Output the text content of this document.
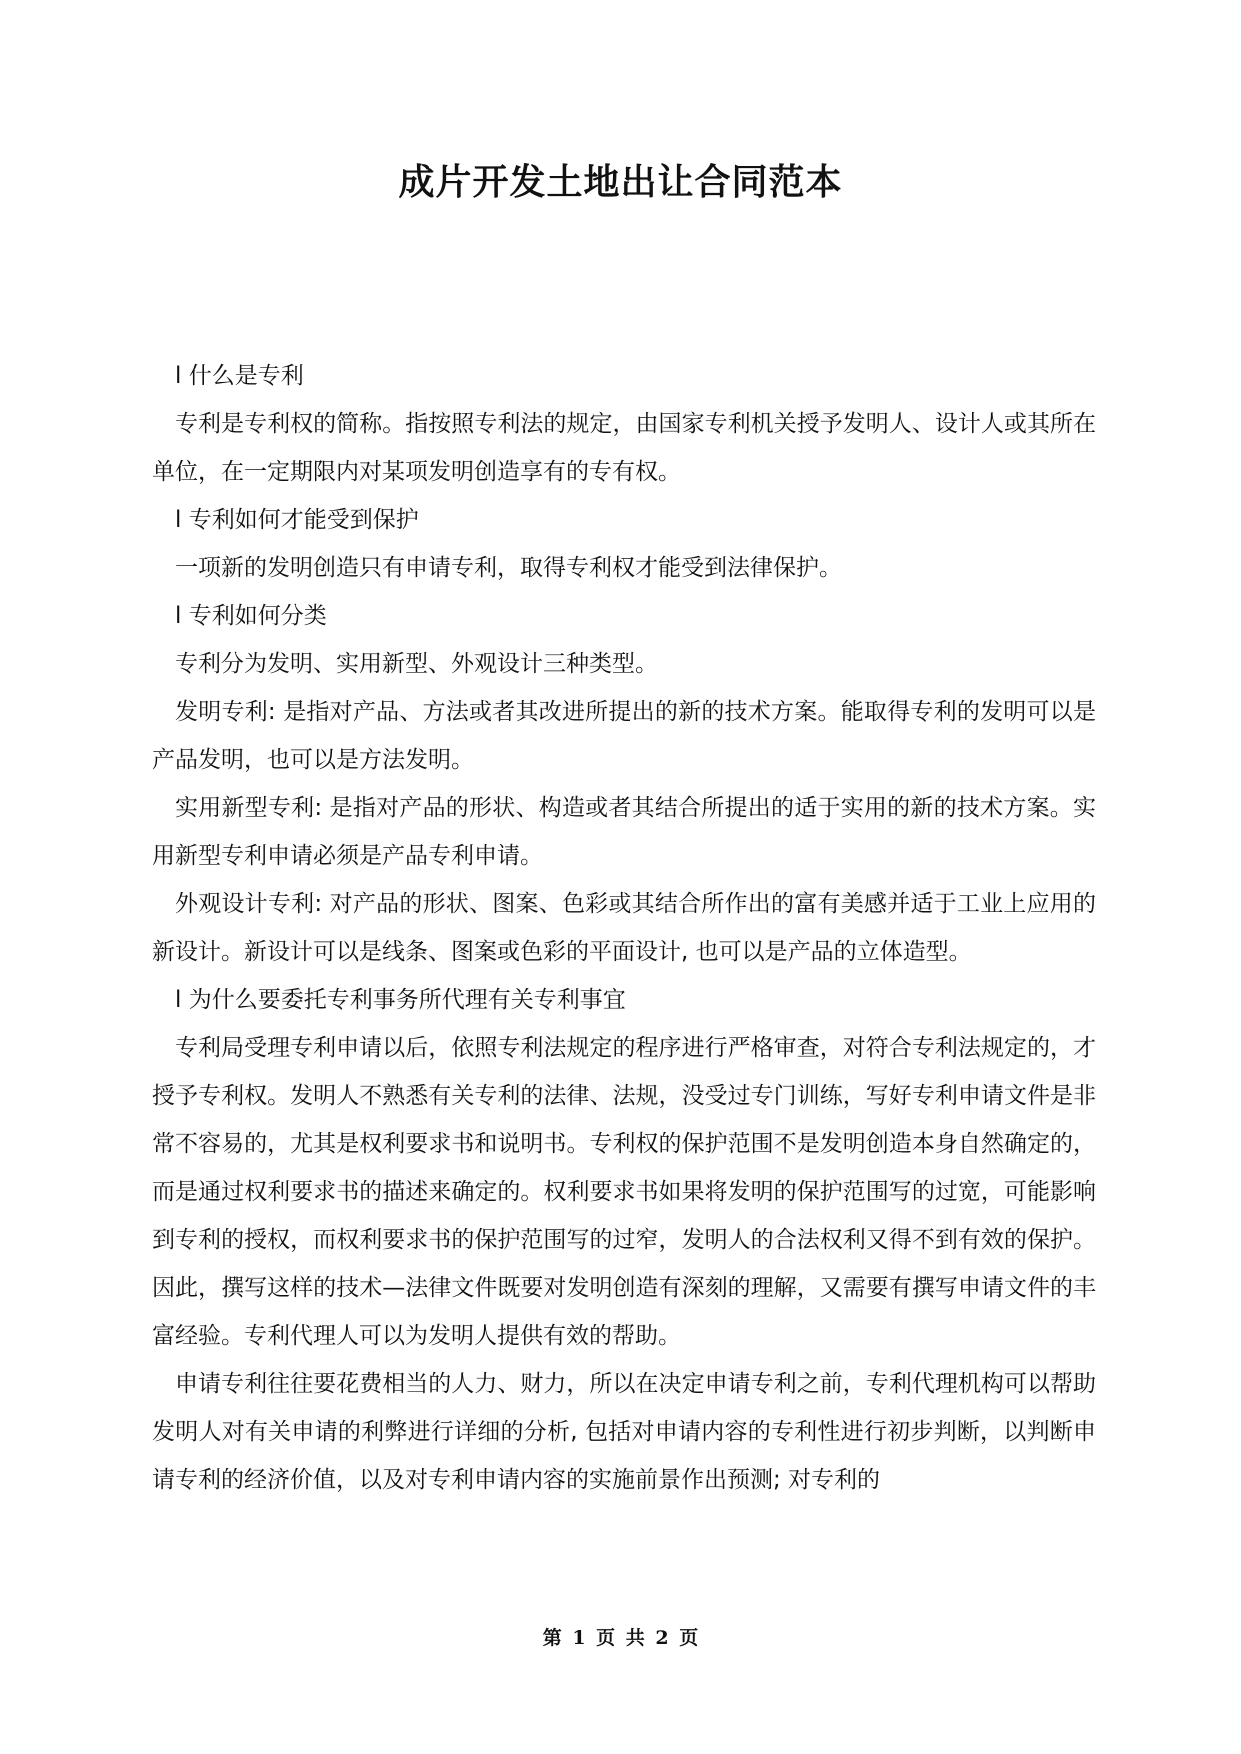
成片开发土地出让合同范本

l 什么是专利

专利是专利权的简称。指按照专利法的规定，由国家专利机关授予发明人、设计人或其所在单位，在一定期限内对某项发明创造享有的专有权。

l 专利如何才能受到保护

一项新的发明创造只有申请专利，取得专利权才能受到法律保护。

l 专利如何分类

专利分为发明、实用新型、外观设计三种类型。

发明专利: 是指对产品、方法或者其改进所提出的新的技术方案。能取得专利的发明可以是产品发明，也可以是方法发明。

实用新型专利: 是指对产品的形状、构造或者其结合所提出的适于实用的新的技术方案。实用新型专利申请必须是产品专利申请。

外观设计专利: 对产品的形状、图案、色彩或其结合所作出的富有美感并适于工业上应用的新设计。新设计可以是线条、图案或色彩的平面设计, 也可以是产品的立体造型。

l 为什么要委托专利事务所代理有关专利事宜

专利局受理专利申请以后，依照专利法规定的程序进行严格审查，对符合专利法规定的，才授予专利权。发明人不熟悉有关专利的法律、法规，没受过专门训练，写好专利申请文件是非常不容易的，尤其是权利要求书和说明书。专利权的保护范围不是发明创造本身自然确定的，而是通过权利要求书的描述来确定的。权利要求书如果将发明的保护范围写的过宽，可能影响到专利的授权，而权利要求书的保护范围写的过窄，发明人的合法权利又得不到有效的保护。因此，撰写这样的技术—法律文件既要对发明创造有深刻的理解，又需要有撰写申请文件的丰富经验。专利代理人可以为发明人提供有效的帮助。

申请专利往往要花费相当的人力、财力，所以在决定申请专利之前，专利代理机构可以帮助发明人对有关申请的利弊进行详细的分析, 包括对申请内容的专利性进行初步判断，以判断申请专利的经济价值，以及对专利申请内容的实施前景作出预测; 对专利的

第 1 页 共 2 页
